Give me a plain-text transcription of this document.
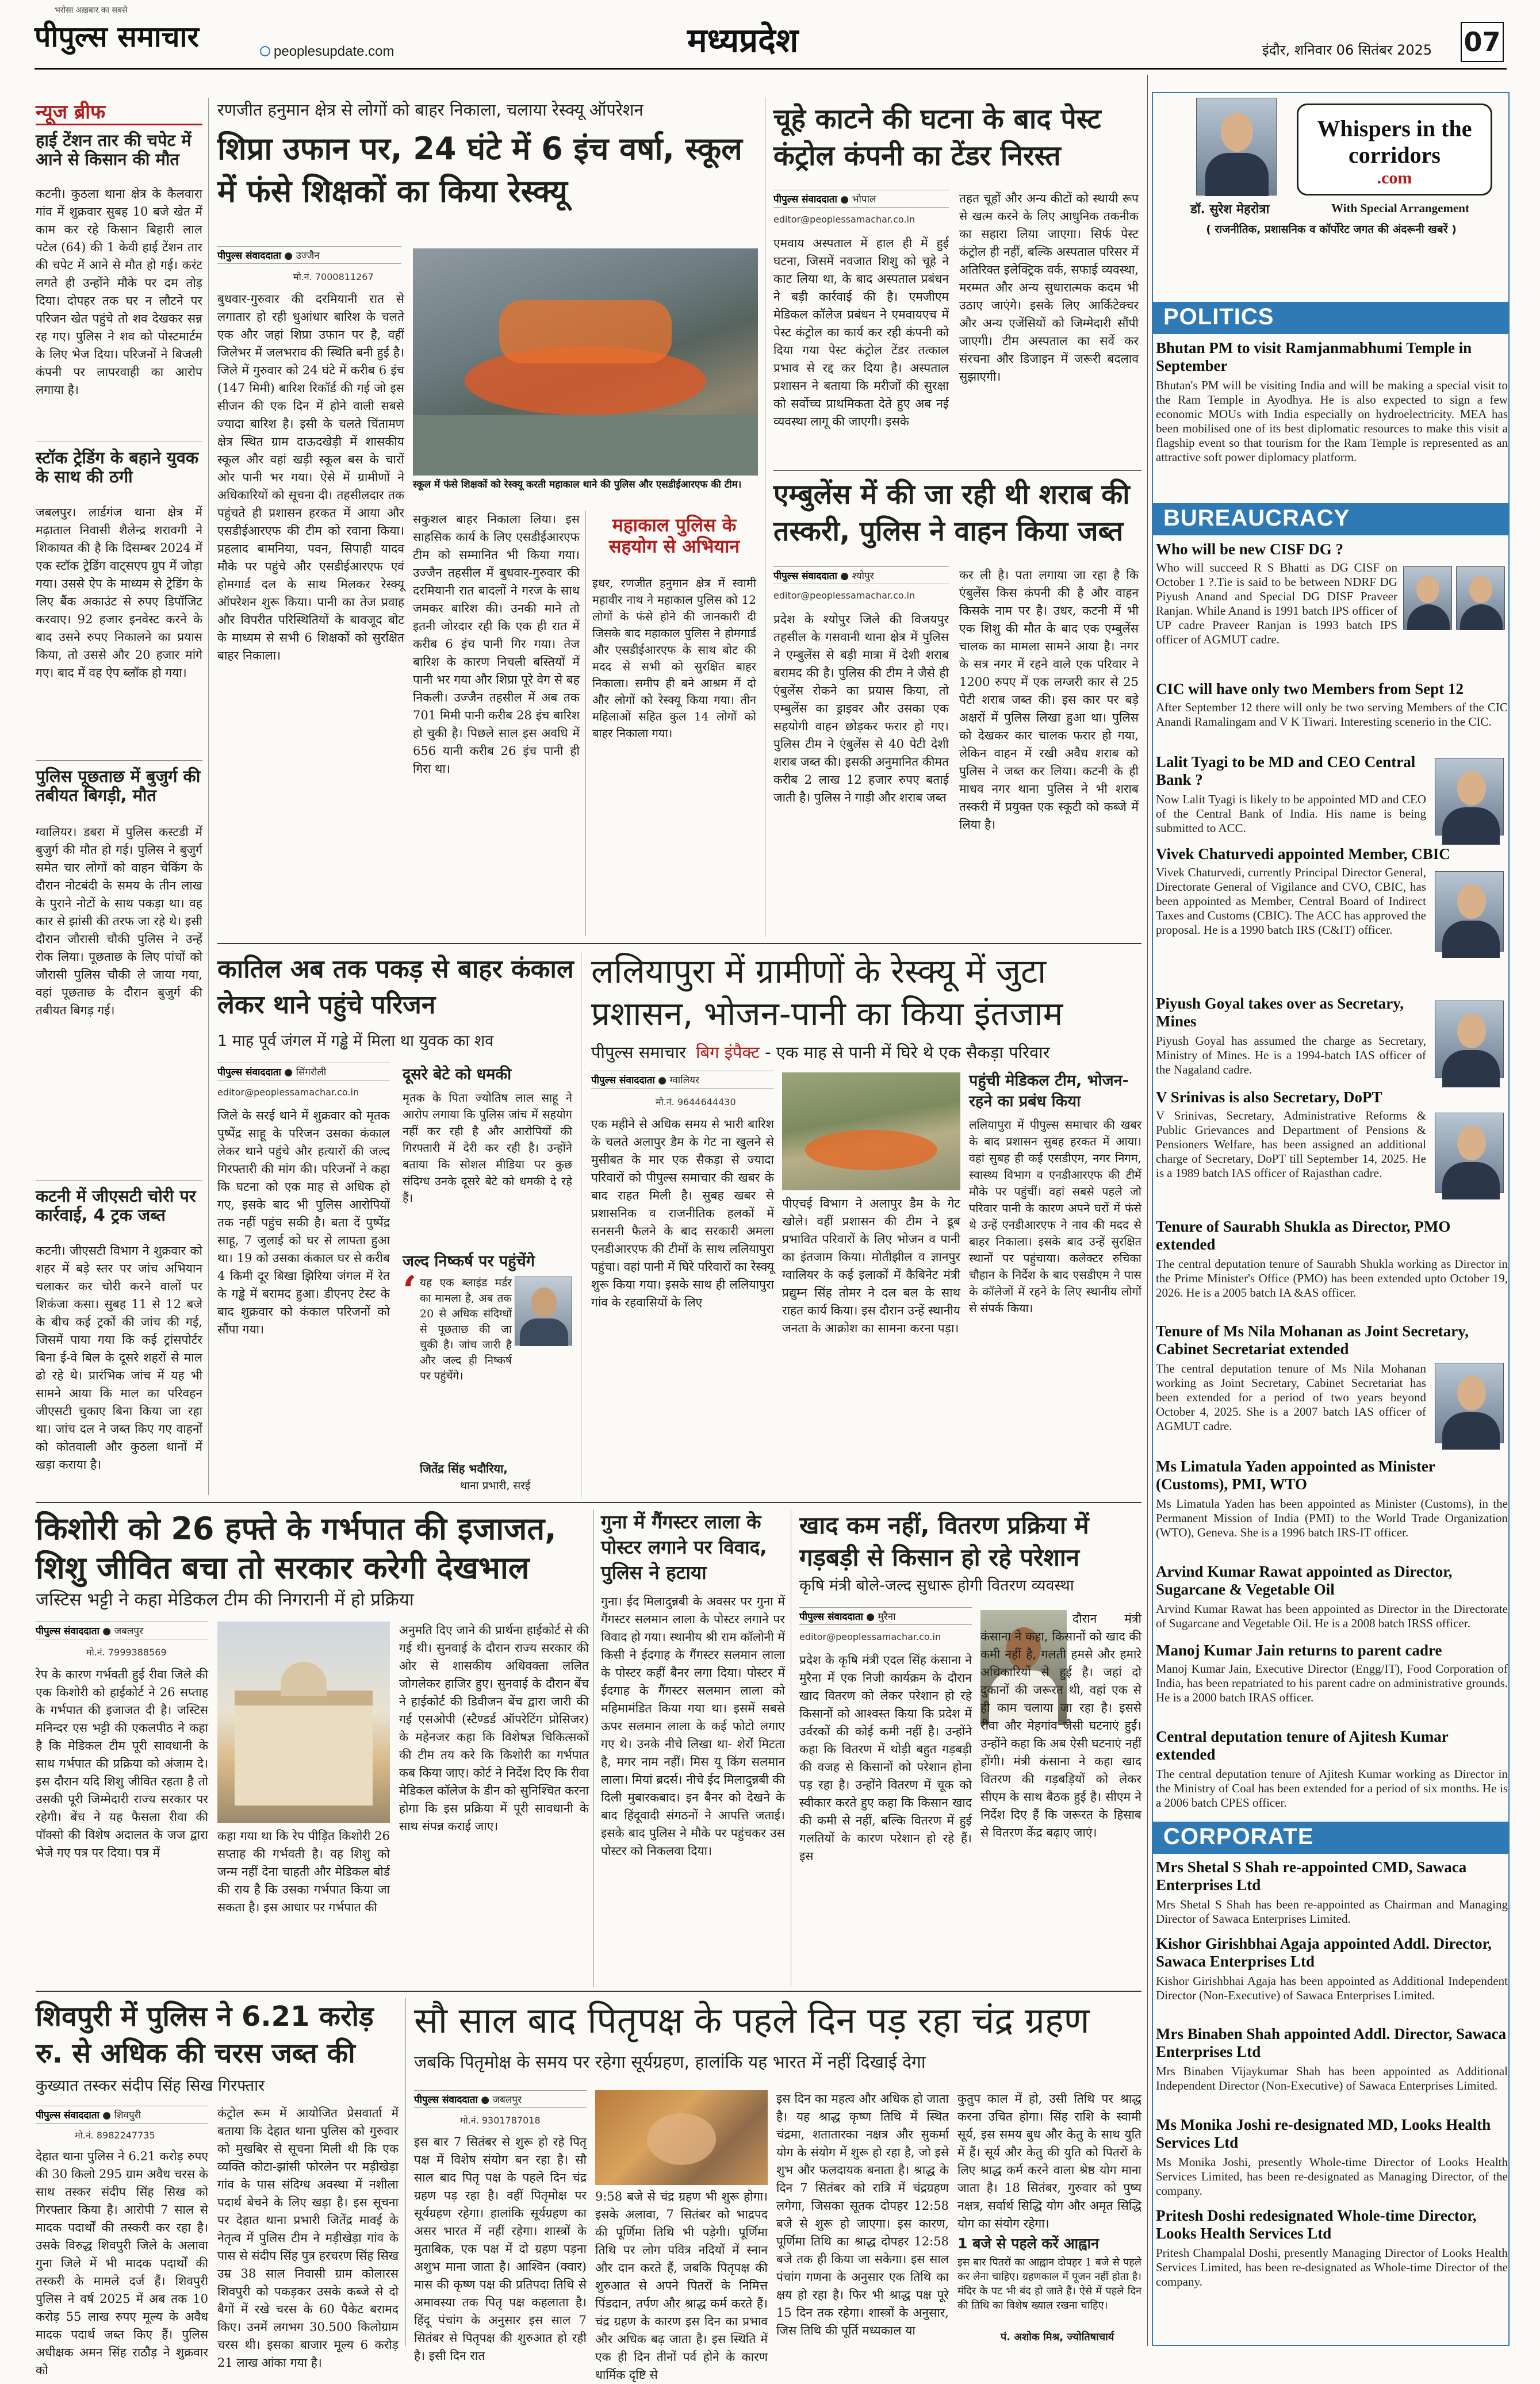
भरोसा अख़बार का सबसे
पीपुल्स समाचार	peoplesupdate.com	मध्यप्रदेश	इंदौर, शनिवार 06 सितंबर 2025 07
न्यूज ब्रीफ
हाई टेंशन तार की चपेट में आने से किसान की मौत
कटनी। कुठला थाना क्षेत्र के कैलवारा गांव में शुक्रवार सुबह 10 बजे खेत में काम कर रहे किसान बिहारी लाल पटेल (64) की 1 केवी हाई टेंशन तार की चपेट में आने से मौत हो गई। करंट लगते ही उन्होंने मौके पर दम तोड़ दिया। दोपहर तक घर न लौटने पर परिजन खेत पहुंचे तो शव देखकर सन्न रह गए। पुलिस ने शव को पोस्टमार्टम के लिए भेज दिया। परिजनों ने बिजली कंपनी पर लापरवाही का आरोप लगाया है।
स्टॉक ट्रेडिंग के बहाने युवक के साथ की ठगी
जबलपुर। लार्डगंज थाना क्षेत्र में मढ़ाताल निवासी शैलेन्द्र शरावगी ने शिकायत की है कि दिसम्बर 2024 में एक स्टॉक ट्रेडिंग वाट्सएप ग्रुप में जोड़ा गया। उससे ऐप के माध्यम से ट्रेडिंग के लिए बैंक अकाउंट से रुपए डिपॉजिट करवाए। 92 हजार इनवेस्ट करने के बाद उसने रुपए निकालने का प्रयास किया, तो उससे और 20 हजार मांगे गए। बाद में वह ऐप ब्लॉक हो गया।
पुलिस पूछताछ में बुजुर्ग की तबीयत बिगड़ी, मौत
ग्वालियर। डबरा में पुलिस कस्टडी में बुजुर्ग की मौत हो गई। पुलिस ने बुजुर्ग समेत चार लोगों को वाहन चेकिंग के दौरान नोटबंदी के समय के तीन लाख के पुराने नोटों के साथ पकड़ा था। वह कार से झांसी की तरफ जा रहे थे। इसी दौरान जौरासी चौकी पुलिस ने उन्हें रोक लिया। पूछताछ के लिए पांचों को जौरासी पुलिस चौकी ले जाया गया, वहां पूछताछ के दौरान बुजुर्ग की तबीयत बिगड़ गई।
कटनी में जीएसटी चोरी पर कार्रवाई, 4 ट्रक जब्त
कटनी। जीएसटी विभाग ने शुक्रवार को शहर में बड़े स्तर पर जांच अभियान चलाकर कर चोरी करने वालों पर शिकंजा कसा। सुबह 11 से 12 बजे के बीच कई ट्रकों की जांच की गई, जिसमें पाया गया कि कई ट्रांसपोर्टर बिना ई-वे बिल के दूसरे शहरों से माल ढो रहे थे। प्रारंभिक जांच में यह भी सामने आया कि माल का परिवहन जीएसटी चुकाए बिना किया जा रहा था। जांच दल ने जब्त किए गए वाहनों को कोतवाली और कुठला थानों में खड़ा कराया है।
रणजीत हनुमान क्षेत्र से लोगों को बाहर निकाला, चलाया रेस्क्यू ऑपरेशन
शिप्रा उफान पर, 24 घंटे में 6 इंच वर्षा, स्कूल में फंसे शिक्षकों का किया रेस्क्यू
पीपुल्स संवाददाता ● उज्जैन
मो.नं. 7000811267
बुधवार-गुरुवार की दरमियानी रात से लगातार हो रही धुआंधार बारिश के चलते एक और जहां शिप्रा उफान पर है, वहीं जिलेभर में जलभराव की स्थिति बनी हुई है। जिले में गुरुवार को 24 घंटे में करीब 6 इंच (147 मिमी) बारिश रिकॉर्ड की गई जो इस सीजन की एक दिन में होने वाली सबसे ज्यादा बारिश है। इसी के चलते चिंतामण क्षेत्र स्थित ग्राम दाऊदखेड़ी में शासकीय स्कूल और वहां खड़ी स्कूल बस के चारों ओर पानी भर गया। ऐसे में ग्रामीणों ने अधिकारियों को सूचना दी। तहसीलदार तक पहुंचते ही प्रशासन हरकत में आया और एसडीईआरएफ की टीम को रवाना किया। प्रहलाद बामनिया, पवन, सिपाही यादव मौके पर पहुंचे और एसडीईआरएफ एवं होमगार्ड दल के साथ मिलकर रेस्क्यू ऑपरेशन शुरू किया। पानी का तेज प्रवाह और विपरीत परिस्थितियों के बावजूद बोट के माध्यम से सभी 6 शिक्षकों को सुरक्षित बाहर निकाला।
स्कूल में फंसे शिक्षकों को रेस्क्यू करती महाकाल थाने की पुलिस और एसडीईआरएफ की टीम।
सकुशल बाहर निकाला लिया। इस साहसिक कार्य के लिए एसडीईआरएफ टीम को सम्मानित भी किया गया। उज्जैन तहसील में बुधवार-गुरुवार की दरमियानी रात बादलों ने गरज के साथ जमकर बारिश की। उनकी माने तो इतनी जोरदार रही कि एक ही रात में करीब 6 इंच पानी गिर गया। तेज बारिश के कारण निचली बस्तियों में पानी भर गया और शिप्रा पूरे वेग से बह निकली। उज्जैन तहसील में अब तक 701 मिमी पानी करीब 28 इंच बारिश हो चुकी है। पिछले साल इस अवधि में 656 यानी करीब 26 इंच पानी ही गिरा था।
महाकाल पुलिस के सहयोग से अभियान
इधर, रणजीत हनुमान क्षेत्र में स्वामी महावीर नाथ ने महाकाल पुलिस को 12 लोगों के फंसे होने की जानकारी दी जिसके बाद महाकाल पुलिस ने होमगार्ड और एसडीईआरएफ के साथ बोट की मदद से सभी को सुरक्षित बाहर निकाला। समीप ही बने आश्रम में दो और लोगों को रेस्क्यू किया गया। तीन महिलाओं सहित कुल 14 लोगों को बाहर निकाला गया।
चूहे काटने की घटना के बाद पेस्ट कंट्रोल कंपनी का टेंडर निरस्त
पीपुल्स संवाददाता ● भोपाल
editor@peoplessamachar.co.in
एमवाय अस्पताल में हाल ही में हुई घटना, जिसमें नवजात शिशु को चूहे ने काट लिया था, के बाद अस्पताल प्रबंधन ने बड़ी कार्रवाई की है। एमजीएम मेडिकल कॉलेज प्रबंधन ने एमवायएच में पेस्ट कंट्रोल का कार्य कर रही कंपनी को दिया गया पेस्ट कंट्रोल टेंडर तत्काल प्रभाव से रद्द कर दिया है। अस्पताल प्रशासन ने बताया कि मरीजों की सुरक्षा को सर्वोच्च प्राथमिकता देते हुए अब नई व्यवस्था लागू की जाएगी। इसके
तहत चूहों और अन्य कीटों को स्थायी रूप से खत्म करने के लिए आधुनिक तकनीक का सहारा लिया जाएगा। सिर्फ पेस्ट कंट्रोल ही नहीं, बल्कि अस्पताल परिसर में अतिरिक्त इलेक्ट्रिक वर्क, सफाई व्यवस्था, मरम्मत और अन्य सुधारात्मक कदम भी उठाए जाएंगे। इसके लिए आर्किटेक्चर और अन्य एजेंसियों को जिम्मेदारी सौंपी जाएगी। टीम अस्पताल का सर्वे कर संरचना और डिजाइन में जरूरी बदलाव सुझाएगी।
एम्बुलेंस में की जा रही थी शराब की तस्करी, पुलिस ने वाहन किया जब्त
पीपुल्स संवाददाता ● श्योपुर
editor@peoplessamachar.co.in
प्रदेश के श्योपुर जिले की विजयपुर तहसील के गसवानी थाना क्षेत्र में पुलिस ने एम्बुलेंस से बड़ी मात्रा में देशी शराब बरामद की है। पुलिस की टीम ने जैसे ही एंबुलेंस रोकने का प्रयास किया, तो एम्बुलेंस का ड्राइवर और उसका एक सहयोगी वाहन छोड़कर फरार हो गए। पुलिस टीम ने एंबुलेंस से 40 पेटी देशी शराब जब्त की। इसकी अनुमानित कीमत करीब 2 लाख 12 हजार रुपए बताई जाती है। पुलिस ने गाड़ी और शराब जब्त
कर ली है। पता लगाया जा रहा है कि एंबुलेंस किस कंपनी की है और वाहन किसके नाम पर है। उधर, कटनी में भी एक शिशु की मौत के बाद एक एम्बुलेंस चालक का मामला सामने आया है। नगर के सत्र नगर में रहने वाले एक परिवार ने 1200 रुपए में एक लग्जरी कार से 25 पेटी शराब जब्त की। इस कार पर बड़े अक्षरों में पुलिस लिखा हुआ था। पुलिस को देखकर कार चालक फरार हो गया, लेकिन वाहन में रखी अवैध शराब को पुलिस ने जब्त कर लिया। कटनी के ही माधव नगर थाना पुलिस ने भी शराब तस्करी में प्रयुक्त एक स्कूटी को कब्जे में लिया है।
कातिल अब तक पकड़ से बाहर कंकाल लेकर थाने पहुंचे परिजन
1 माह पूर्व जंगल में गड्ढे में मिला था युवक का शव
पीपुल्स संवाददाता ● सिंगरौली
editor@peoplessamachar.co.in
जिले के सरई थाने में शुक्रवार को मृतक पुष्पेंद्र साहू के परिजन उसका कंकाल लेकर थाने पहुंचे और हत्यारों की जल्द गिरफ्तारी की मांग की। परिजनों ने कहा कि घटना को एक माह से अधिक हो गए, इसके बाद भी पुलिस आरोपियों तक नहीं पहुंच सकी है। बता दें पुष्पेंद्र साहू, 7 जुलाई को घर से लापता हुआ था। 19 को उसका कंकाल घर से करीब 4 किमी दूर बिखा झिरिया जंगल में रेत के गड्ढे में बरामद हुआ। डीएनए टेस्ट के बाद शुक्रवार को कंकाल परिजनों को सौंपा गया।
दूसरे बेटे को धमकी
मृतक के पिता ज्योतिष लाल साहू ने आरोप लगाया कि पुलिस जांच में सहयोग नहीं कर रही है और आरोपियों की गिरफ्तारी में देरी कर रही है। उन्होंने बताया कि सोशल मीडिया पर कुछ संदिग्ध उनके दूसरे बेटे को धमकी दे रहे हैं।
जल्द निष्कर्ष पर पहुंचेंगे
‘ यह एक ब्लाइंड मर्डर का मामला है, अब तक 20 से अधिक संदिग्धों से पूछताछ की जा चुकी है। जांच जारी है और जल्द ही निष्कर्ष पर पहुंचेंगे।
जितेंद्र सिंह भदौरिया,
थाना प्रभारी, सरई
ललियापुरा में ग्रामीणों के रेस्क्यू में जुटा प्रशासन, भोजन-पानी का किया इंतजाम
पीपुल्स समाचार बिग इंपैक्ट - एक माह से पानी में घिरे थे एक सैकड़ा परिवार
पीपुल्स संवाददाता ● ग्वालियर
मो.नं. 9644644430
एक महीने से अधिक समय से भारी बारिश के चलते अलापुर डैम के गेट ना खुलने से मुसीबत के मार एक सैकड़ा से ज्यादा परिवारों को पीपुल्स समाचार की खबर के बाद राहत मिली है। सुबह खबर से प्रशासनिक व राजनीतिक हलकों में सनसनी फैलने के बाद सरकारी अमला एनडीआरएफ की टीमों के साथ ललियापुरा पहुंचा। वहां पानी में घिरे परिवारों का रेस्क्यू शुरू किया गया। इसके साथ ही ललियापुरा गांव के रहवासियों के लिए
पीएचई विभाग ने अलापुर डैम के गेट खोले। वहीं प्रशासन की टीम ने डूब प्रभावित परिवारों के लिए भोजन व पानी का इंतजाम किया। मोतीझील व ज्ञानपुर ग्वालियर के कई इलाकों में कैबिनेट मंत्री प्रद्युम्न सिंह तोमर ने दल बल के साथ राहत कार्य किया। इस दौरान उन्हें स्थानीय जनता के आक्रोश का सामना करना पड़ा।
पहुंची मेडिकल टीम, भोजन-रहने का प्रबंध किया
ललियापुरा में पीपुल्स समाचार की खबर के बाद प्रशासन सुबह हरकत में आया। वहां सुबह ही कई एसडीएम, नगर निगम, स्वास्थ्य विभाग व एनडीआरएफ की टीमें मौके पर पहुंचीं। वहां सबसे पहले जो परिवार पानी के कारण अपने घरों में फंसे थे उन्हें एनडीआरएफ ने नाव की मदद से बाहर निकाला। इसके बाद उन्हें सुरक्षित स्थानों पर पहुंचाया। कलेक्टर रुचिका चौहान के निर्देश के बाद एसडीएम ने पास के कॉलेजों में रहने के लिए स्थानीय लोगों से संपर्क किया।
किशोरी को 26 हफ्ते के गर्भपात की इजाजत, शिशु जीवित बचा तो सरकार करेगी देखभाल
जस्टिस भट्टी ने कहा मेडिकल टीम की निगरानी में हो प्रक्रिया
पीपुल्स संवाददाता ● जबलपुर
मो.नं. 7999388569
रेप के कारण गर्भवती हुई रीवा जिले की एक किशोरी को हाईकोर्ट ने 26 सप्ताह के गर्भपात की इजाजत दी है। जस्टिस मनिन्दर एस भट्टी की एकलपीठ ने कहा है कि मेडिकल टीम पूरी सावधानी के साथ गर्भपात की प्रक्रिया को अंजाम दे। इस दौरान यदि शिशु जीवित रहता है तो उसकी पूरी जिम्मेदारी राज्य सरकार पर रहेगी। बेंच ने यह फैसला रीवा की पॉक्सो की विशेष अदालत के जज द्वारा भेजे गए पत्र पर दिया। पत्र में
कहा गया था कि रेप पीड़ित किशोरी 26 सप्ताह की गर्भवती है। वह शिशु को जन्म नहीं देना चाहती और मेडिकल बोर्ड की राय है कि उसका गर्भपात किया जा सकता है। इस आधार पर गर्भपात की
अनुमति दिए जाने की प्रार्थना हाईकोर्ट से की गई थी। सुनवाई के दौरान राज्य सरकार की ओर से शासकीय अधिवक्ता ललित जोगलेकर हाजिर हुए। सुनवाई के दौरान बेंच ने हाईकोर्ट की डिवीजन बेंच द्वारा जारी की गई एसओपी (स्टैण्डर्ड ऑपरेटिंग प्रोसिजर) के महेनजर कहा कि विशेषज्ञ चिकित्सकों की टीम तय करे कि किशोरी का गर्भपात कब किया जाए। कोर्ट ने निर्देश दिए कि रीवा मेडिकल कॉलेज के डीन को सुनिश्चित करना होगा कि इस प्रक्रिया में पूरी सावधानी के साथ संपन्न कराई जाए।
गुना में गैंगस्टर लाला के पोस्टर लगाने पर विवाद, पुलिस ने हटाया
गुना। ईद मिलादुन्नबी के अवसर पर गुना में गैंगस्टर सलमान लाला के पोस्टर लगाने पर विवाद हो गया। स्थानीय श्री राम कॉलोनी में किसी ने ईदगाह के गैंगस्टर सलमान लाला के पोस्टर कहीं बैनर लगा दिया। पोस्टर में ईदगाह के गैंगस्टर सलमान लाला को महिमामंडित किया गया था। इसमें सबसे ऊपर सलमान लाला के कई फोटो लगाए गए थे। उनके नीचे लिखा था- शेरोंं मिटता है, मगर नाम नहीं। मिस यू किंग सलमान लाला। मियां ब्रदर्स। नीचे ईद मिलादुन्नबी की दिली मुबारकबाद। इन बैनर को देखने के बाद हिंदूवादी संगठनों ने आपत्ति जताई। इसके बाद पुलिस ने मौके पर पहुंचकर उस पोस्टर को निकलवा दिया।
खाद कम नहीं, वितरण प्रक्रिया में गड़बड़ी से किसान हो रहे परेशान
कृषि मंत्री बोले-जल्द सुधारू होगी वितरण व्यवस्था
पीपुल्स संवाददाता ● मुरैना
editor@peoplessamachar.co.in
प्रदेश के कृषि मंत्री एदल सिंह कंसाना ने मुरैना में एक निजी कार्यक्रम के दौरान खाद वितरण को लेकर परेशान हो रहे किसानों को आश्वस्त किया कि प्रदेश में उर्वरकों की कोई कमी नहीं है। उन्होंने कहा कि वितरण में थोड़ी बहुत गड़बड़ी की वजह से किसानों को परेशान होना पड़ रहा है। उन्होंने वितरण में चूक को स्वीकार करते हुए कहा कि किसान खाद की कमी से नहीं, बल्कि वितरण में हुई गलतियों के कारण परेशान हो रहे हैं। इस
दौरान मंत्री कंसाना ने कहा, किसानों को खाद की कमी नहीं है, गलती हमसे और हमारे अधिकारियों से हुई है। जहां दो दुकानों की जरूरत थी, वहां एक से ही काम चलाया जा रहा है। इससे रीवा और मेहगांव जैसी घटनाएं हुईं। उन्होंने कहा कि अब ऐसी घटनाएं नहीं होंगी। मंत्री कंसाना ने कहा खाद वितरण की गड़बड़ियों को लेकर सीएम के साथ बैठक हुई है। सीएम ने निर्देश दिए हैं कि जरूरत के हिसाब से वितरण केंद्र बढ़ाए जाएं।
शिवपुरी में पुलिस ने 6.21 करोड़ रु. से अधिक की चरस जब्त की
कुख्यात तस्कर संदीप सिंह सिख गिरफ्तार
पीपुल्स संवाददाता ● शिवपुरी
मो.नं. 8982247735
देहात थाना पुलिस ने 6.21 करोड़ रुपए की 30 किलो 295 ग्राम अवैध चरस के साथ तस्कर संदीप सिंह सिख को गिरफ्तार किया है। आरोपी 7 साल से मादक पदार्थों की तस्करी कर रहा है। उसके विरुद्ध शिवपुरी जिले के अलावा गुना जिले में भी मादक पदार्थों की तस्करी के मामले दर्ज हैं। शिवपुरी पुलिस ने वर्ष 2025 में अब तक 10 करोड़ 55 लाख रुपए मूल्य के अवैध मादक पदार्थ जब्त किए हैं। पुलिस अधीक्षक अमन सिंह राठौड़ ने शुक्रवार को
कंट्रोल रूम में आयोजित प्रेसवार्ता में बताया कि देहात थाना पुलिस को गुरुवार को मुखबिर से सूचना मिली थी कि एक व्यक्ति कोटा-झांसी फोरलेन पर मड़ीखेड़ा गांव के पास संदिग्ध अवस्था में नशीला पदार्थ बेचने के लिए खड़ा है। इस सूचना पर देहात थाना प्रभारी जितेंद्र मावई के नेतृत्व में पुलिस टीम ने मड़ीखेड़ा गांव के पास से संदीप सिंह पुत्र हरचरण सिंह सिख उम्र 38 साल निवासी ग्राम कोलारस शिवपुरी को पकड़कर उसके कब्जे से दो बैगों में रखे चरस के 60 पैकेट बरामद किए। उनमें लगभग 30.500 किलोग्राम चरस थी। इसका बाजार मूल्य 6 करोड़ 21 लाख आंका गया है।
सौ साल बाद पितृपक्ष के पहले दिन पड़ रहा चंद्र ग्रहण
जबकि पितृमोक्ष के समय पर रहेगा सूर्यग्रहण, हालांकि यह भारत में नहीं दिखाई देगा
पीपुल्स संवाददाता ● जबलपुर
मो.नं. 9301787018
इस बार 7 सितंबर से शुरू हो रहे पितृ पक्ष में विशेष संयोग बन रहा है। सौ साल बाद पितृ पक्ष के पहले दिन चंद्र ग्रहण पड़ रहा है। वहीं पितृमोक्ष पर सूर्यग्रहण रहेगा। हालांकि सूर्यग्रहण का असर भारत में नहीं रहेगा। शास्त्रों के मुताबिक, एक पक्ष में दो ग्रहण पड़ना अशुभ माना जाता है। आश्विन (क्वार) मास की कृष्ण पक्ष की प्रतिपदा तिथि से अमावस्या तक पितृ पक्ष कहलाता है। हिंदू पंचांग के अनुसार इस साल 7 सितंबर से पितृपक्ष की शुरुआत हो रही है। इसी दिन रात
9:58 बजे से चंद्र ग्रहण भी शुरू होगा। इसके अलावा, 7 सितंबर को भाद्रपद की पूर्णिमा तिथि भी पड़ेगी। पूर्णिमा तिथि पर लोग पवित्र नदियों में स्नान और दान करते हैं, जबकि पितृपक्ष की शुरुआत से अपने पितरों के निमित्त पिंडदान, तर्पण और श्राद्ध कर्म करते हैं। चंद्र ग्रहण के कारण इस दिन का प्रभाव और अधिक बढ़ जाता है। इस स्थिति में एक ही दिन तीनों पर्व होने के कारण धार्मिक दृष्टि से
इस दिन का महत्व और अधिक हो जाता है। यह श्राद्ध कृष्ण तिथि में स्थित चंद्रमा, शतातारका नक्षत्र और सुकर्मा योग के संयोग में शुरू हो रहा है, जो इसे शुभ और फलदायक बनाता है। श्राद्ध के दिन 7 सितंबर को रात्रि में चंद्रग्रहण लगेगा, जिसका सूतक दोपहर 12:58 बजे से शुरू हो जाएगा। इस कारण, पूर्णिमा तिथि का श्राद्ध दोपहर 12:58 बजे तक ही किया जा सकेगा। इस साल पंचांग गणना के अनुसार एक तिथि का क्षय हो रहा है। फिर भी श्राद्ध पक्ष पूरे 15 दिन तक रहेगा। शास्त्रों के अनुसार, जिस तिथि की पूर्ति मध्यकाल या
कुतुप काल में हो, उसी तिथि पर श्राद्ध करना उचित होगा। सिंह राशि के स्वामी सूर्य, इस समय बुध और केतु के साथ युति में हैं। सूर्य और केतु की युति को पितरों के लिए श्राद्ध कर्म करने वाला श्रेष्ठ योग माना जाता है। 18 सितंबर, गुरुवार को पुष्य नक्षत्र, सर्वार्थ सिद्धि योग और अमृत सिद्धि योग का संयोग रहेगा।
1 बजे से पहले करें आह्वान
इस बार पितरों का आह्वान दोपहर 1 बजे से पहले कर लेना चाहिए। ग्रहणकाल में पूजन नहीं होता है। मंदिर के पट भी बंद हो जाते हैं। ऐसे में पहले दिन की तिथि का विशेष ख्याल रखना चाहिए।
पं. अशोक मिश्र, ज्योतिषाचार्य
Whispers in the corridors
.com
डॉ. सुरेश मेहरोत्रा	With Special Arrangement
( राजनीतिक, प्रशासनिक व कॉर्पोरेट जगत की अंदरूनी खबरें )
POLITICS
Bhutan PM to visit Ramjanmabhumi Temple in September
Bhutan's PM will be visiting India and will be making a special visit to the Ram Temple in Ayodhya. He is also expected to sign a few economic MOUs with India especially on hydroelectricity. MEA has been mobilised one of its best diplomatic resources to make this visit a flagship event so that tourism for the Ram Temple is represented as an attractive soft power diplomacy platform.
BUREAUCRACY
Who will be new CISF DG ?
Who will succeed R S Bhatti as DG CISF on October 1 ?.Tie is said to be between NDRF DG Piyush Anand and Special DG DISF Praveer Ranjan. While Anand is 1991 batch IPS officer of UP cadre Praveer Ranjan is 1993 batch IPS officer of AGMUT cadre.
CIC will have only two Members from Sept 12
After September 12 there will only be two serving Members of the CIC Anandi Ramalingam and V K Tiwari. Interesting scenerio in the CIC.
Lalit Tyagi to be MD and CEO Central Bank ?
Now Lalit Tyagi is likely to be appointed MD and CEO of the Central Bank of India. His name is being submitted to ACC.
Vivek Chaturvedi appointed Member, CBIC
Vivek Chaturvedi, currently Principal Director General, Directorate General of Vigilance and CVO, CBIC, has been appointed as Member, Central Board of Indirect Taxes and Customs (CBIC). The ACC has approved the proposal. He is a 1990 batch IRS (C&IT) officer.
Piyush Goyal takes over as Secretary, Mines
Piyush Goyal has assumed the charge as Secretary, Ministry of Mines. He is a 1994-batch IAS officer of the Nagaland cadre.
V Srinivas is also Secretary, DoPT
V Srinivas, Secretary, Administrative Reforms & Public Grievances and Department of Pensions & Pensioners Welfare, has been assigned an additional charge of Secretary, DoPT till September 14, 2025. He is a 1989 batch IAS officer of Rajasthan cadre.
Tenure of Saurabh Shukla as Director, PMO extended
The central deputation tenure of Saurabh Shukla working as Director in the Prime Minister's Office (PMO) has been extended upto October 19, 2026. He is a 2005 batch IA &AS officer.
Tenure of Ms Nila Mohanan as Joint Secretary, Cabinet Secretariat extended
The central deputation tenure of Ms Nila Mohanan working as Joint Secretary, Cabinet Secretariat has been extended for a period of two years beyond October 4, 2025. She is a 2007 batch IAS officer of AGMUT cadre.
Ms Limatula Yaden appointed as Minister (Customs), PMI, WTO
Ms Limatula Yaden has been appointed as Minister (Customs), in the Permanent Mission of India (PMI) to the World Trade Organization (WTO), Geneva. She is a 1996 batch IRS-IT officer.
Arvind Kumar Rawat appointed as Director, Sugarcane & Vegetable Oil
Arvind Kumar Rawat has been appointed as Director in the Directorate of Sugarcane and Vegetable Oil. He is a 2008 batch IRSS officer.
Manoj Kumar Jain returns to parent cadre
Manoj Kumar Jain, Executive Director (Engg/IT), Food Corporation of India, has been repatriated to his parent cadre on administrative grounds. He is a 2000 batch IRAS officer.
Central deputation tenure of Ajitesh Kumar extended
The central deputation tenure of Ajitesh Kumar working as Director in the Ministry of Coal has been extended for a period of six months. He is a 2006 batch CPES officer.
CORPORATE
Mrs Shetal S Shah re-appointed CMD, Sawaca Enterprises Ltd
Mrs Shetal S Shah has been re-appointed as Chairman and Managing Director of Sawaca Enterprises Limited.
Kishor Girishbhai Agaja appointed Addl. Director, Sawaca Enterprises Ltd
Kishor Girishbhai Agaja has been appointed as Additional Independent Director (Non-Executive) of Sawaca Enterprises Limited.
Mrs Binaben Shah appointed Addl. Director, Sawaca Enterprises Ltd
Mrs Binaben Vijaykumar Shah has been appointed as Additional Independent Director (Non-Executive) of Sawaca Enterprises Limited.
Ms Monika Joshi re-designated MD, Looks Health Services Ltd
Ms Monika Joshi, presently Whole-time Director of Looks Health Services Limited, has been re-designated as Managing Director, of the company.
Pritesh Doshi redesignated Whole-time Director, Looks Health Services Ltd
Pritesh Champalal Doshi, presently Managing Director of Looks Health Services Limited, has been re-designated as Whole-time Director of the company.
